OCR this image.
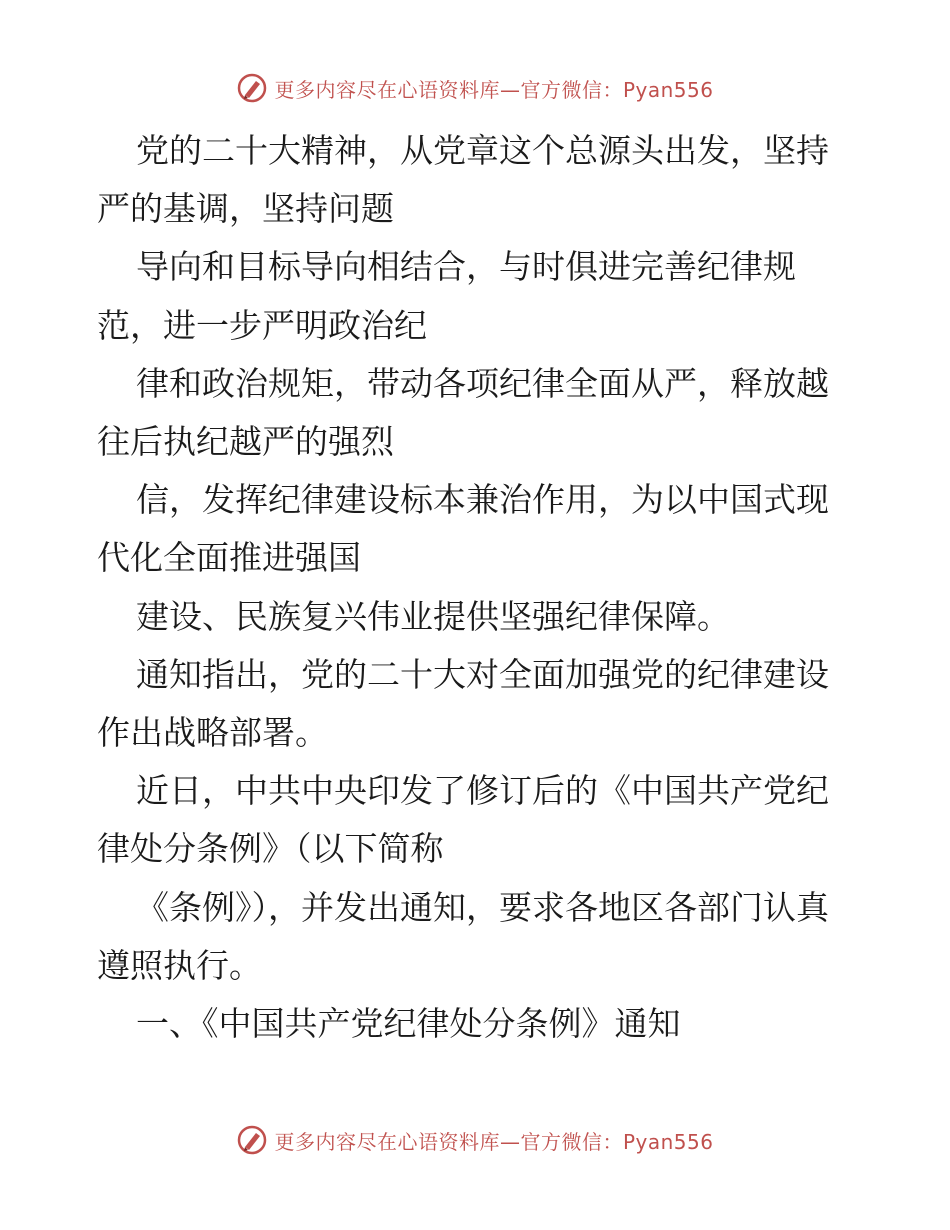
更多内容尽在心语资料库—官方微信：Pyan556

党的二十大精神，从党章这个总源头出发，坚持严的基调，坚持问题

导向和目标导向相结合，与时俱进完善纪律规范，进一步严明政治纪

律和政治规矩，带动各项纪律全面从严，释放越往后执纪越严的强烈

信，发挥纪律建设标本兼治作用，为以中国式现代化全面推进强国

建设、民族复兴伟业提供坚强纪律保障。

通知指出，党的二十大对全面加强党的纪律建设作出战略部署。

近日，中共中央印发了修订后的《中国共产党纪律处分条例》（以下简称

《条例》），并发出通知，要求各地区各部门认真遵照执行。

一、《中国共产党纪律处分条例》通知

更多内容尽在心语资料库—官方微信：Pyan556
